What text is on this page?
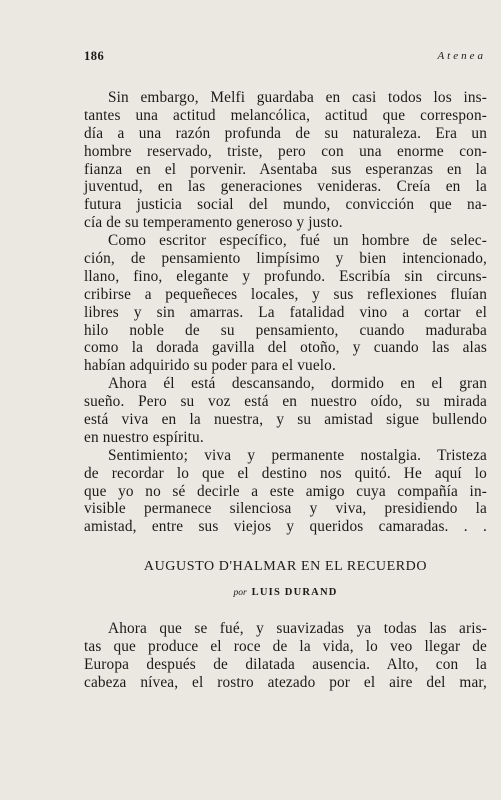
186	Atenea
Sin embargo, Melfi guardaba en casi todos los ins-
tantes una actitud melancólica, actitud que correspon-
día a una razón profunda de su naturaleza. Era un
hombre reservado, triste, pero con una enorme con-
fianza en el porvenir. Asentaba sus esperanzas en la
juventud, en las generaciones venideras. Creía en la
futura justicia social del mundo, convicción que na-
cía de su temperamento generoso y justo.
Como escritor específico, fué un hombre de selec-
ción, de pensamiento limpísimo y bien intencionado,
llano, fino, elegante y profundo. Escribía sin circuns-
cribirse a pequeñeces locales, y sus reflexiones fluían
libres y sin amarras. La fatalidad vino a cortar el
hilo noble de su pensamiento, cuando maduraba
como la dorada gavilla del otoño, y cuando las alas
habían adquirido su poder para el vuelo.
Ahora él está descansando, dormido en el gran
sueño. Pero su voz está en nuestro oído, su mirada
está viva en la nuestra, y su amistad sigue bullendo
en nuestro espíritu.
Sentimiento; viva y permanente nostalgia. Tristeza
de recordar lo que el destino nos quitó. He aquí lo
que yo no sé decirle a este amigo cuya compañía in-
visible permanece silenciosa y viva, presidiendo la
amistad, entre sus viejos y queridos camaradas. . .
AUGUSTO D'HALMAR EN EL RECUERDO
por LUIS DURAND
Ahora que se fué, y suavizadas ya todas las aris-
tas que produce el roce de la vida, lo veo llegar de
Europa después de dilatada ausencia. Alto, con la
cabeza nívea, el rostro atezado por el aire del mar,
